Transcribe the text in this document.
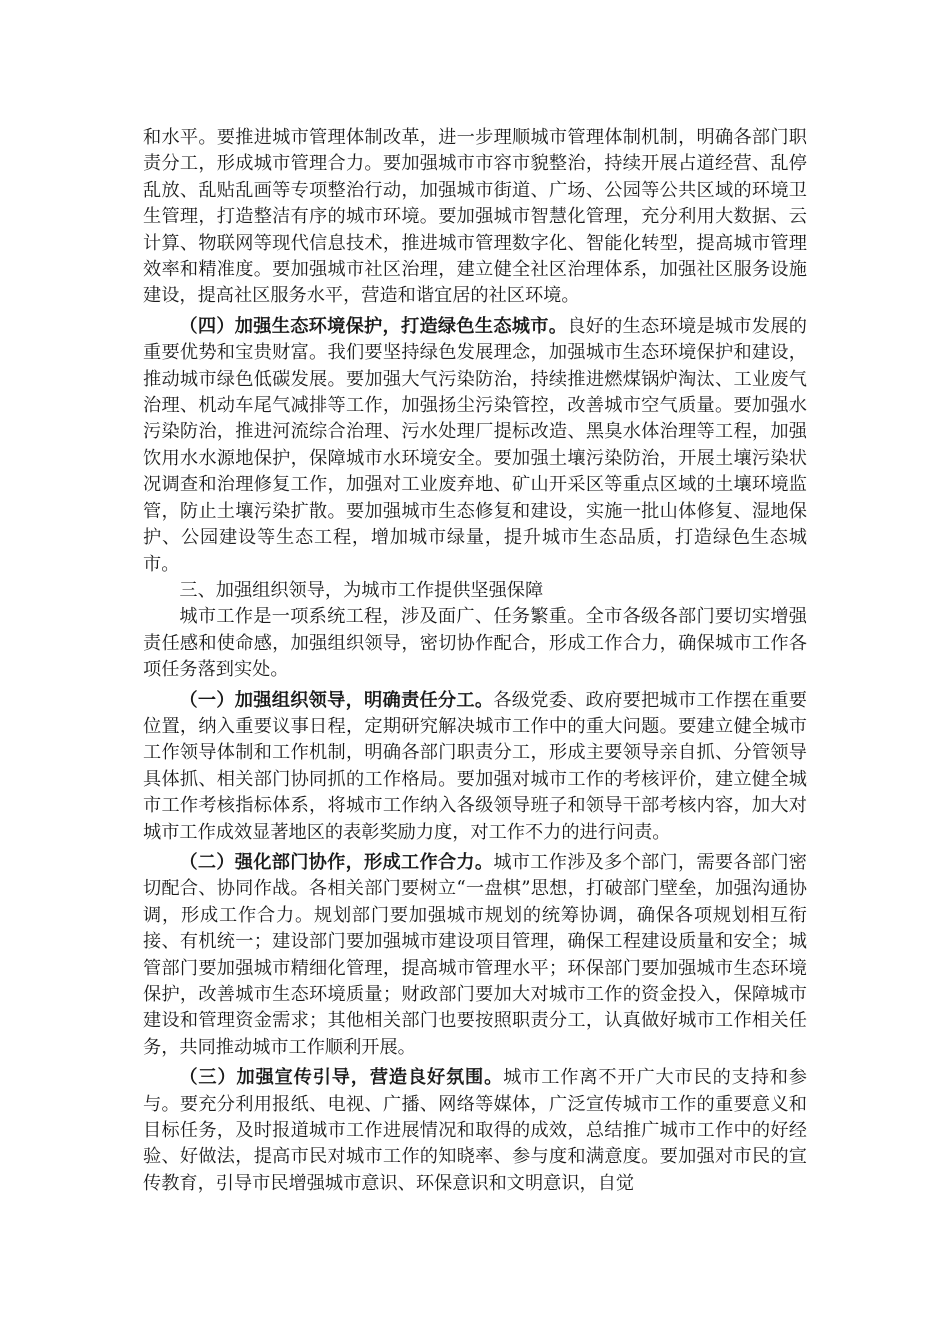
和水平。要推进城市管理体制改革，进一步理顺城市管理体制机制，明确各部门职责分工，形成城市管理合力。要加强城市市容市貌整治，持续开展占道经营、乱停乱放、乱贴乱画等专项整治行动，加强城市街道、广场、公园等公共区域的环境卫生管理，打造整洁有序的城市环境。要加强城市智慧化管理，充分利用大数据、云计算、物联网等现代信息技术，推进城市管理数字化、智能化转型，提高城市管理效率和精准度。要加强城市社区治理，建立健全社区治理体系，加强社区服务设施建设，提高社区服务水平，营造和谐宜居的社区环境。

（四）加强生态环境保护，打造绿色生态城市。良好的生态环境是城市发展的重要优势和宝贵财富。我们要坚持绿色发展理念，加强城市生态环境保护和建设，推动城市绿色低碳发展。要加强大气污染防治，持续推进燃煤锅炉淘汰、工业废气治理、机动车尾气减排等工作，加强扬尘污染管控，改善城市空气质量。要加强水污染防治，推进河流综合治理、污水处理厂提标改造、黑臭水体治理等工程，加强饮用水水源地保护，保障城市水环境安全。要加强土壤污染防治，开展土壤污染状况调查和治理修复工作，加强对工业废弃地、矿山开采区等重点区域的土壤环境监管，防止土壤污染扩散。要加强城市生态修复和建设，实施一批山体修复、湿地保护、公园建设等生态工程，增加城市绿量，提升城市生态品质，打造绿色生态城市。

三、加强组织领导，为城市工作提供坚强保障

城市工作是一项系统工程，涉及面广、任务繁重。全市各级各部门要切实增强责任感和使命感，加强组织领导，密切协作配合，形成工作合力，确保城市工作各项任务落到实处。

（一）加强组织领导，明确责任分工。各级党委、政府要把城市工作摆在重要位置，纳入重要议事日程，定期研究解决城市工作中的重大问题。要建立健全城市工作领导体制和工作机制，明确各部门职责分工，形成主要领导亲自抓、分管领导具体抓、相关部门协同抓的工作格局。要加强对城市工作的考核评价，建立健全城市工作考核指标体系，将城市工作纳入各级领导班子和领导干部考核内容，加大对城市工作成效显著地区的表彰奖励力度，对工作不力的进行问责。

（二）强化部门协作，形成工作合力。城市工作涉及多个部门，需要各部门密切配合、协同作战。各相关部门要树立“一盘棋”思想，打破部门壁垒，加强沟通协调，形成工作合力。规划部门要加强城市规划的统筹协调，确保各项规划相互衔接、有机统一；建设部门要加强城市建设项目管理，确保工程建设质量和安全；城管部门要加强城市精细化管理，提高城市管理水平；环保部门要加强城市生态环境保护，改善城市生态环境质量；财政部门要加大对城市工作的资金投入，保障城市建设和管理资金需求；其他相关部门也要按照职责分工，认真做好城市工作相关任务，共同推动城市工作顺利开展。

（三）加强宣传引导，营造良好氛围。城市工作离不开广大市民的支持和参与。要充分利用报纸、电视、广播、网络等媒体，广泛宣传城市工作的重要意义和目标任务，及时报道城市工作进展情况和取得的成效，总结推广城市工作中的好经验、好做法，提高市民对城市工作的知晓率、参与度和满意度。要加强对市民的宣传教育，引导市民增强城市意识、环保意识和文明意识，自觉
